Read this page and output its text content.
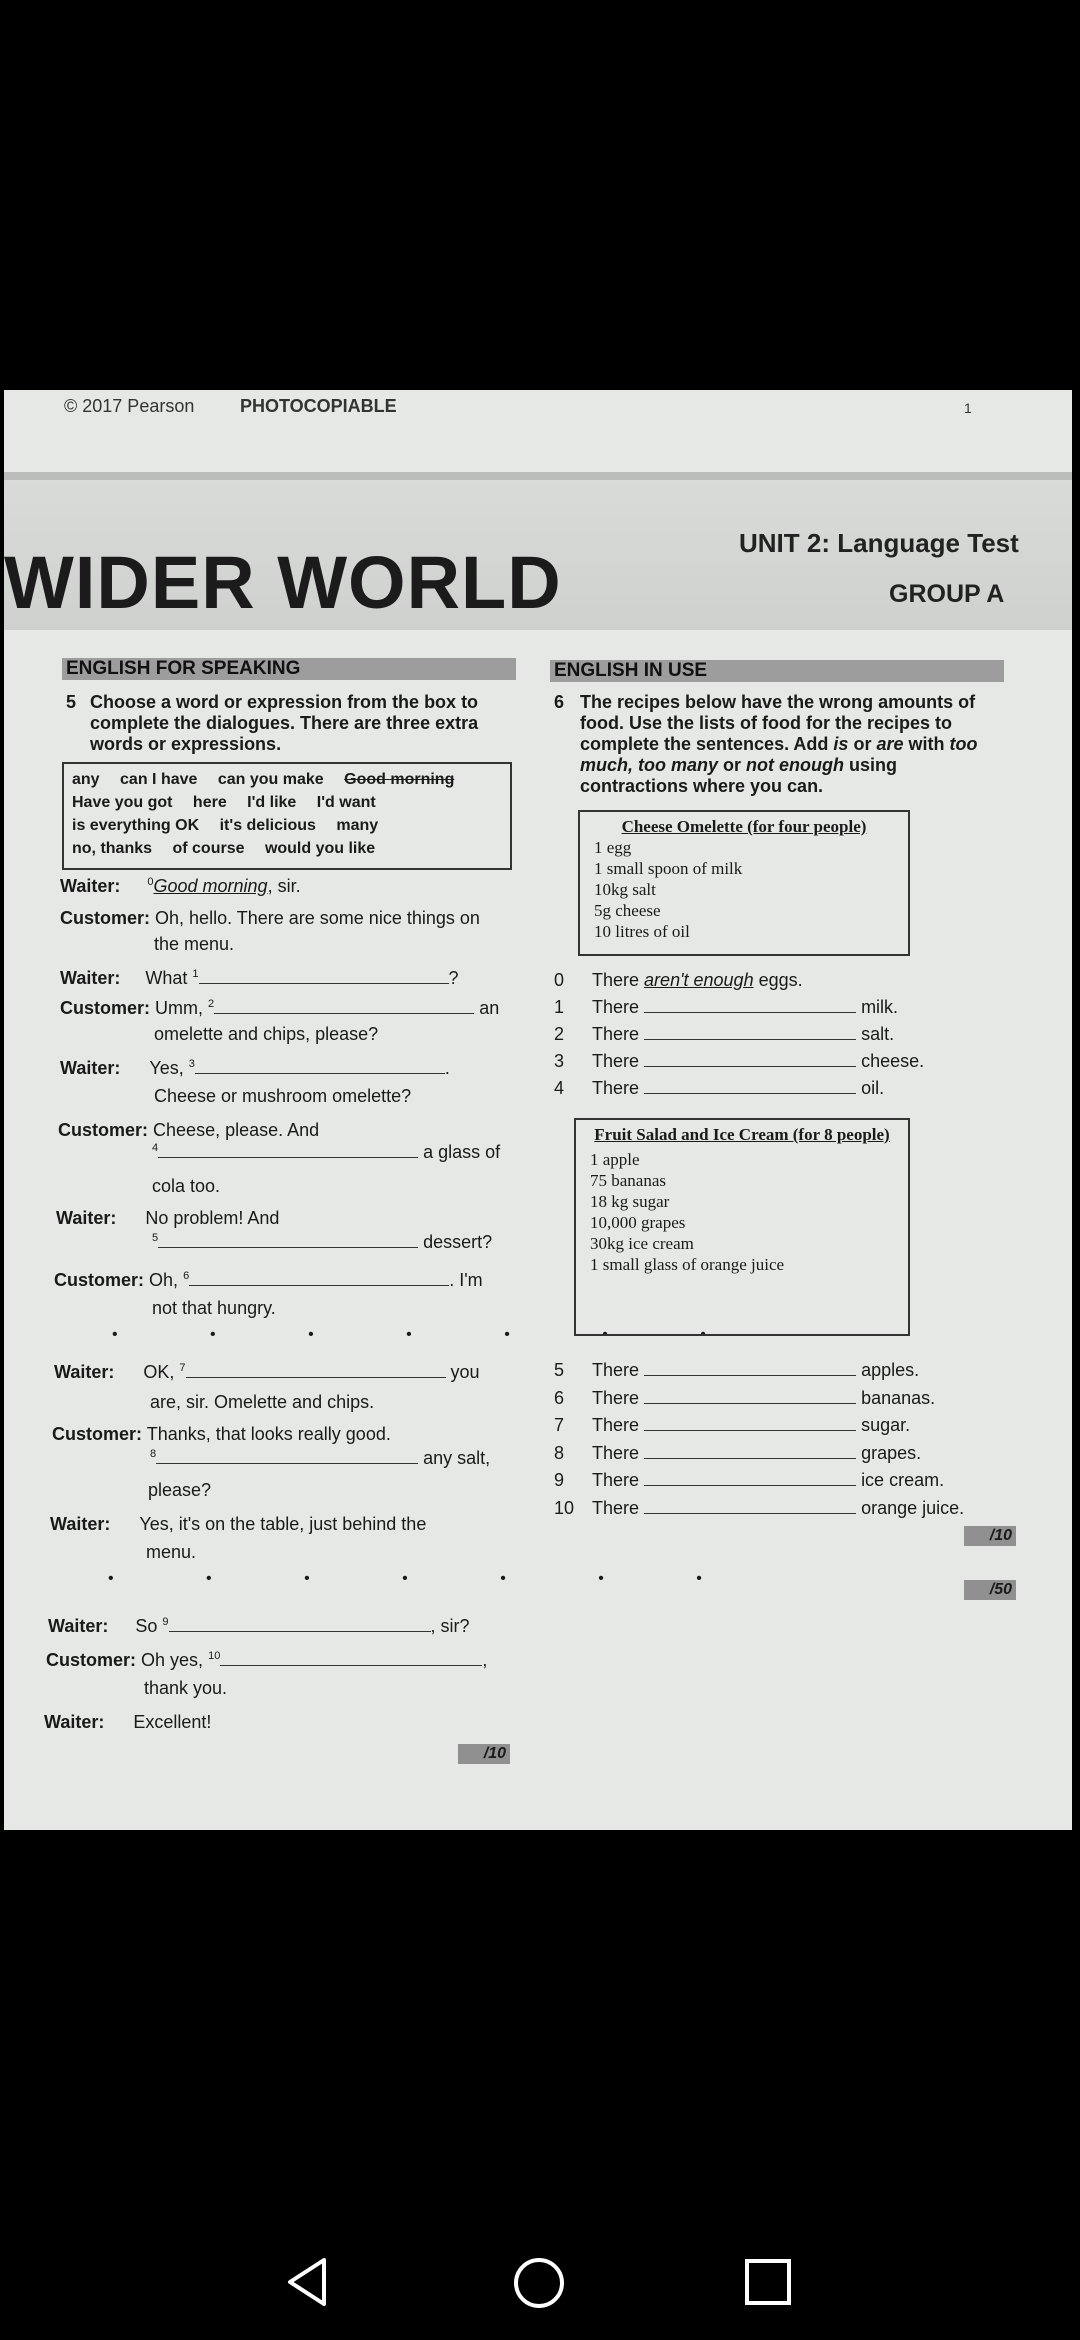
© 2017 Pearson	PHOTOCOPIABLE	1
WIDER WORLD	UNIT 2: Language Test
GROUP A
ENGLISH FOR SPEAKING
5 Choose a word or expression from the box to complete the dialogues. There are three extra words or expressions.
any can I have can you make Good morning
Have you got here I'd like I'd want
is everything OK it's delicious many
no, thanks of course would you like
Waiter: $^0$Good morning, sir.
Customer: Oh, hello. There are some nice things on
the menu.
Waiter: What $^1$	?
Customer: Umm, $^2$	an
omelette and chips, please?
Waiter: Yes, $^3$	.
Cheese or mushroom omelette?
Customer: Cheese, please. And
$^4$	a glass of
cola too.
Waiter: No problem! And
$^5$	dessert?
Customer: Oh, $^6$	. I'm
not that hungry.
• • • • • • •
Waiter: OK, $^7$	you
are, sir. Omelette and chips.
Customer: Thanks, that looks really good.
$^8$	any salt,
please?
Waiter: Yes, it's on the table, just behind the
menu.
• • • • • • •
Waiter: So $^9$	, sir?
Customer: Oh yes, $^{10}$	,
thank you.
Waiter: Excellent!
/10
ENGLISH IN USE
6 The recipes below have the wrong amounts of food. Use the lists of food for the recipes to complete the sentences. Add is or are with too much, too many or not enough using contractions where you can.
Cheese Omelette (for four people)
1 egg
1 small spoon of milk
10kg salt
5g cheese
10 litres of oil
0 There aren't enough eggs.
1 There	milk.
2 There	salt.
3 There	cheese.
4 There	oil.
Fruit Salad and Ice Cream (for 8 people)
1 apple
75 bananas
18 kg sugar
10,000 grapes
30kg ice cream
1 small glass of orange juice
5 There	apples.
6 There	bananas.
7 There	sugar.
8 There	grapes.
9 There	ice cream.
10 There	orange juice.
/10
/50
